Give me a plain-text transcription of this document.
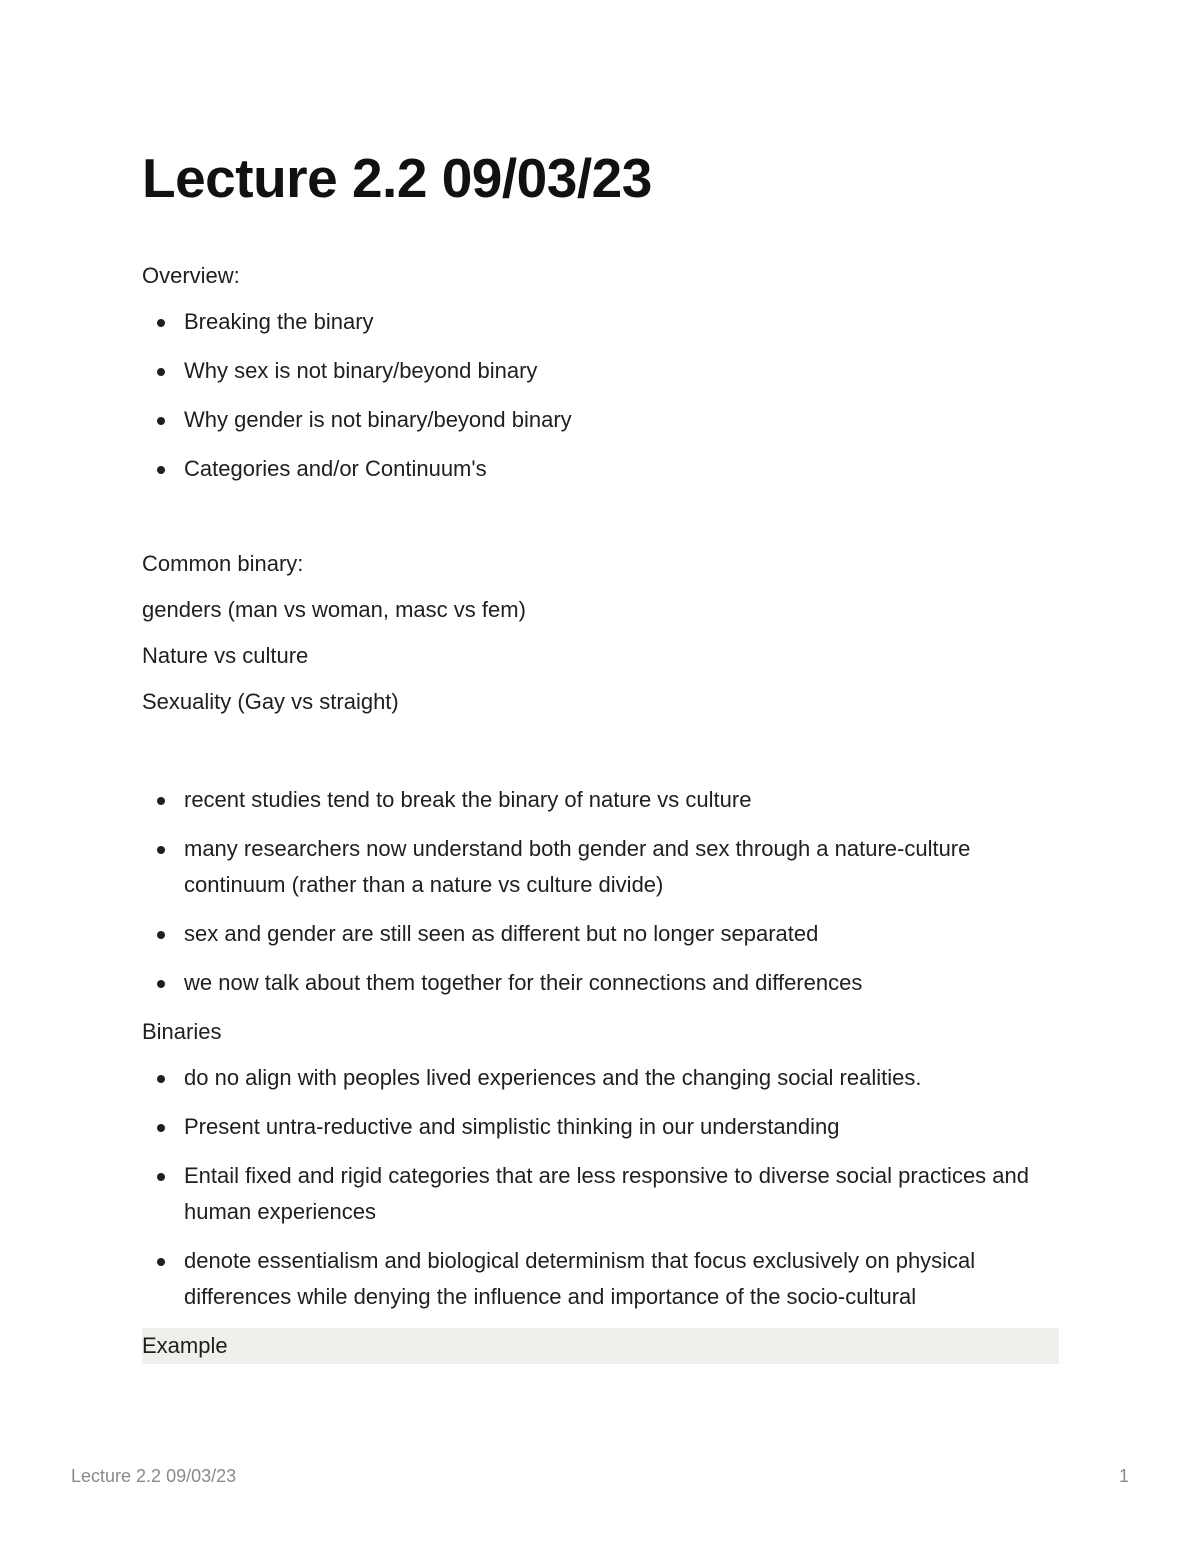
Lecture 2.2 09/03/23

Overview:

Breaking the binary
Why sex is not binary/beyond binary
Why gender is not binary/beyond binary
Categories and/or Continuum's

Common binary:

genders (man vs woman, masc vs fem)

Nature vs culture

Sexuality (Gay vs straight)

recent studies tend to break the binary of nature vs culture
many researchers now understand both gender and sex through a nature-culture continuum (rather than a nature vs culture divide)
sex and gender are still seen as different but no longer separated
we now talk about them together for their connections and differences

Binaries

do no align with peoples lived experiences and the changing social realities.
Present untra-reductive and simplistic thinking in our understanding
Entail fixed and rigid categories that are less responsive to diverse social practices and human experiences
denote essentialism and biological determinism that focus exclusively on physical differences while denying the influence and importance of the socio-cultural
Example
Lecture 2.2 09/03/23	1
